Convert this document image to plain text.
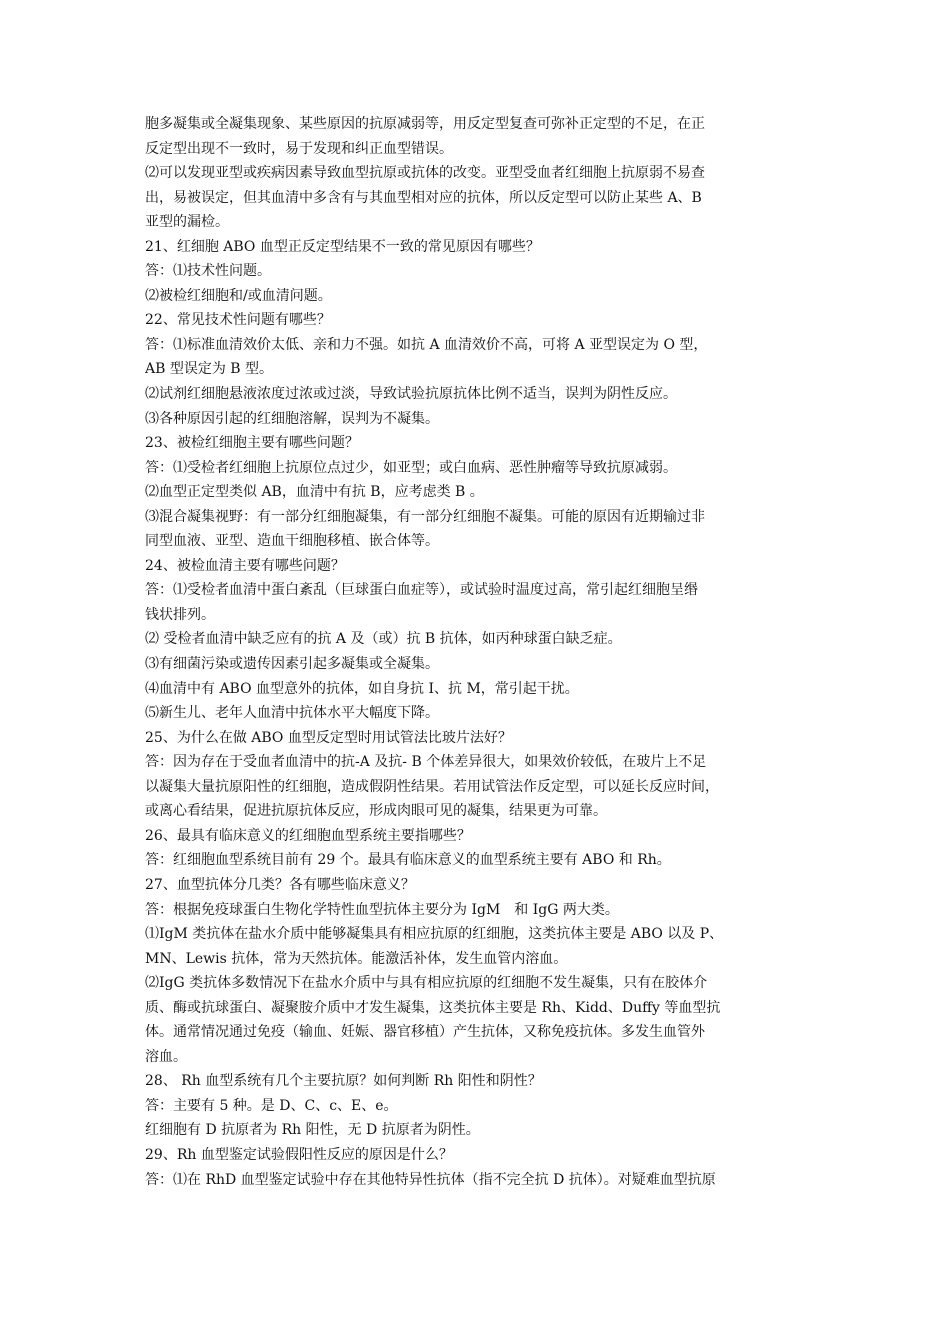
胞多凝集或全凝集现象、某些原因的抗原减弱等，用反定型复查可弥补正定型的不足，在正
反定型出现不一致时，易于发现和纠正血型错误。
⑵可以发现亚型或疾病因素导致血型抗原或抗体的改变。亚型受血者红细胞上抗原弱不易查
出，易被误定，但其血清中多含有与其血型相对应的抗体，所以反定型可以防止某些 A、B
亚型的漏检。
21、红细胞 ABO 血型正反定型结果不一致的常见原因有哪些？
答：⑴技术性问题。
⑵被检红细胞和/或血清问题。
22、常见技术性问题有哪些？
答：⑴标准血清效价太低、亲和力不强。如抗 A 血清效价不高，可将 A 亚型误定为 O 型，
AB 型误定为 B 型。
⑵试剂红细胞悬液浓度过浓或过淡，导致试验抗原抗体比例不适当，误判为阴性反应。
⑶各种原因引起的红细胞溶解，误判为不凝集。
23、被检红细胞主要有哪些问题？
答：⑴受检者红细胞上抗原位点过少，如亚型；或白血病、恶性肿瘤等导致抗原减弱。
⑵血型正定型类似 AB，血清中有抗 B，应考虑类 B 。
⑶混合凝集视野：有一部分红细胞凝集，有一部分红细胞不凝集。可能的原因有近期输过非
同型血液、亚型、造血干细胞移植、嵌合体等。
24、被检血清主要有哪些问题？
答：⑴受检者血清中蛋白紊乱（巨球蛋白血症等），或试验时温度过高，常引起红细胞呈缗
钱状排列。
⑵ 受检者血清中缺乏应有的抗 A 及（或）抗 B 抗体，如丙种球蛋白缺乏症。
⑶有细菌污染或遗传因素引起多凝集或全凝集。
⑷血清中有 ABO 血型意外的抗体，如自身抗 I、抗 M，常引起干扰。
⑸新生儿、老年人血清中抗体水平大幅度下降。
25、为什么在做 ABO 血型反定型时用试管法比玻片法好？
答：因为存在于受血者血清中的抗-A 及抗- B 个体差异很大，如果效价较低，在玻片上不足
以凝集大量抗原阳性的红细胞，造成假阴性结果。若用试管法作反定型，可以延长反应时间，
或离心看结果，促进抗原抗体反应，形成肉眼可见的凝集，结果更为可靠。
26、最具有临床意义的红细胞血型系统主要指哪些？
答：红细胞血型系统目前有 29 个。最具有临床意义的血型系统主要有 ABO 和 Rh。
27、血型抗体分几类？各有哪些临床意义？
答：根据免疫球蛋白生物化学特性血型抗体主要分为 IgM　和 IgG 两大类。
⑴IgM 类抗体在盐水介质中能够凝集具有相应抗原的红细胞，这类抗体主要是 ABO 以及 P、
MN、Lewis 抗体，常为天然抗体。能激活补体，发生血管内溶血。
⑵IgG 类抗体多数情况下在盐水介质中与具有相应抗原的红细胞不发生凝集，只有在胶体介
质、酶或抗球蛋白、凝聚胺介质中才发生凝集，这类抗体主要是 Rh、Kidd、Duffy 等血型抗
体。通常情况通过免疫（输血、妊娠、器官移植）产生抗体，又称免疫抗体。多发生血管外
溶血。
28、 Rh 血型系统有几个主要抗原？如何判断 Rh 阳性和阴性？
答：主要有 5 种。是 D、C、c、E、e。
红细胞有 D 抗原者为 Rh 阳性，无 D 抗原者为阴性。
29、Rh 血型鉴定试验假阳性反应的原因是什么？
答：⑴在 RhD 血型鉴定试验中存在其他特异性抗体（指不完全抗 D 抗体）。对疑难血型抗原
